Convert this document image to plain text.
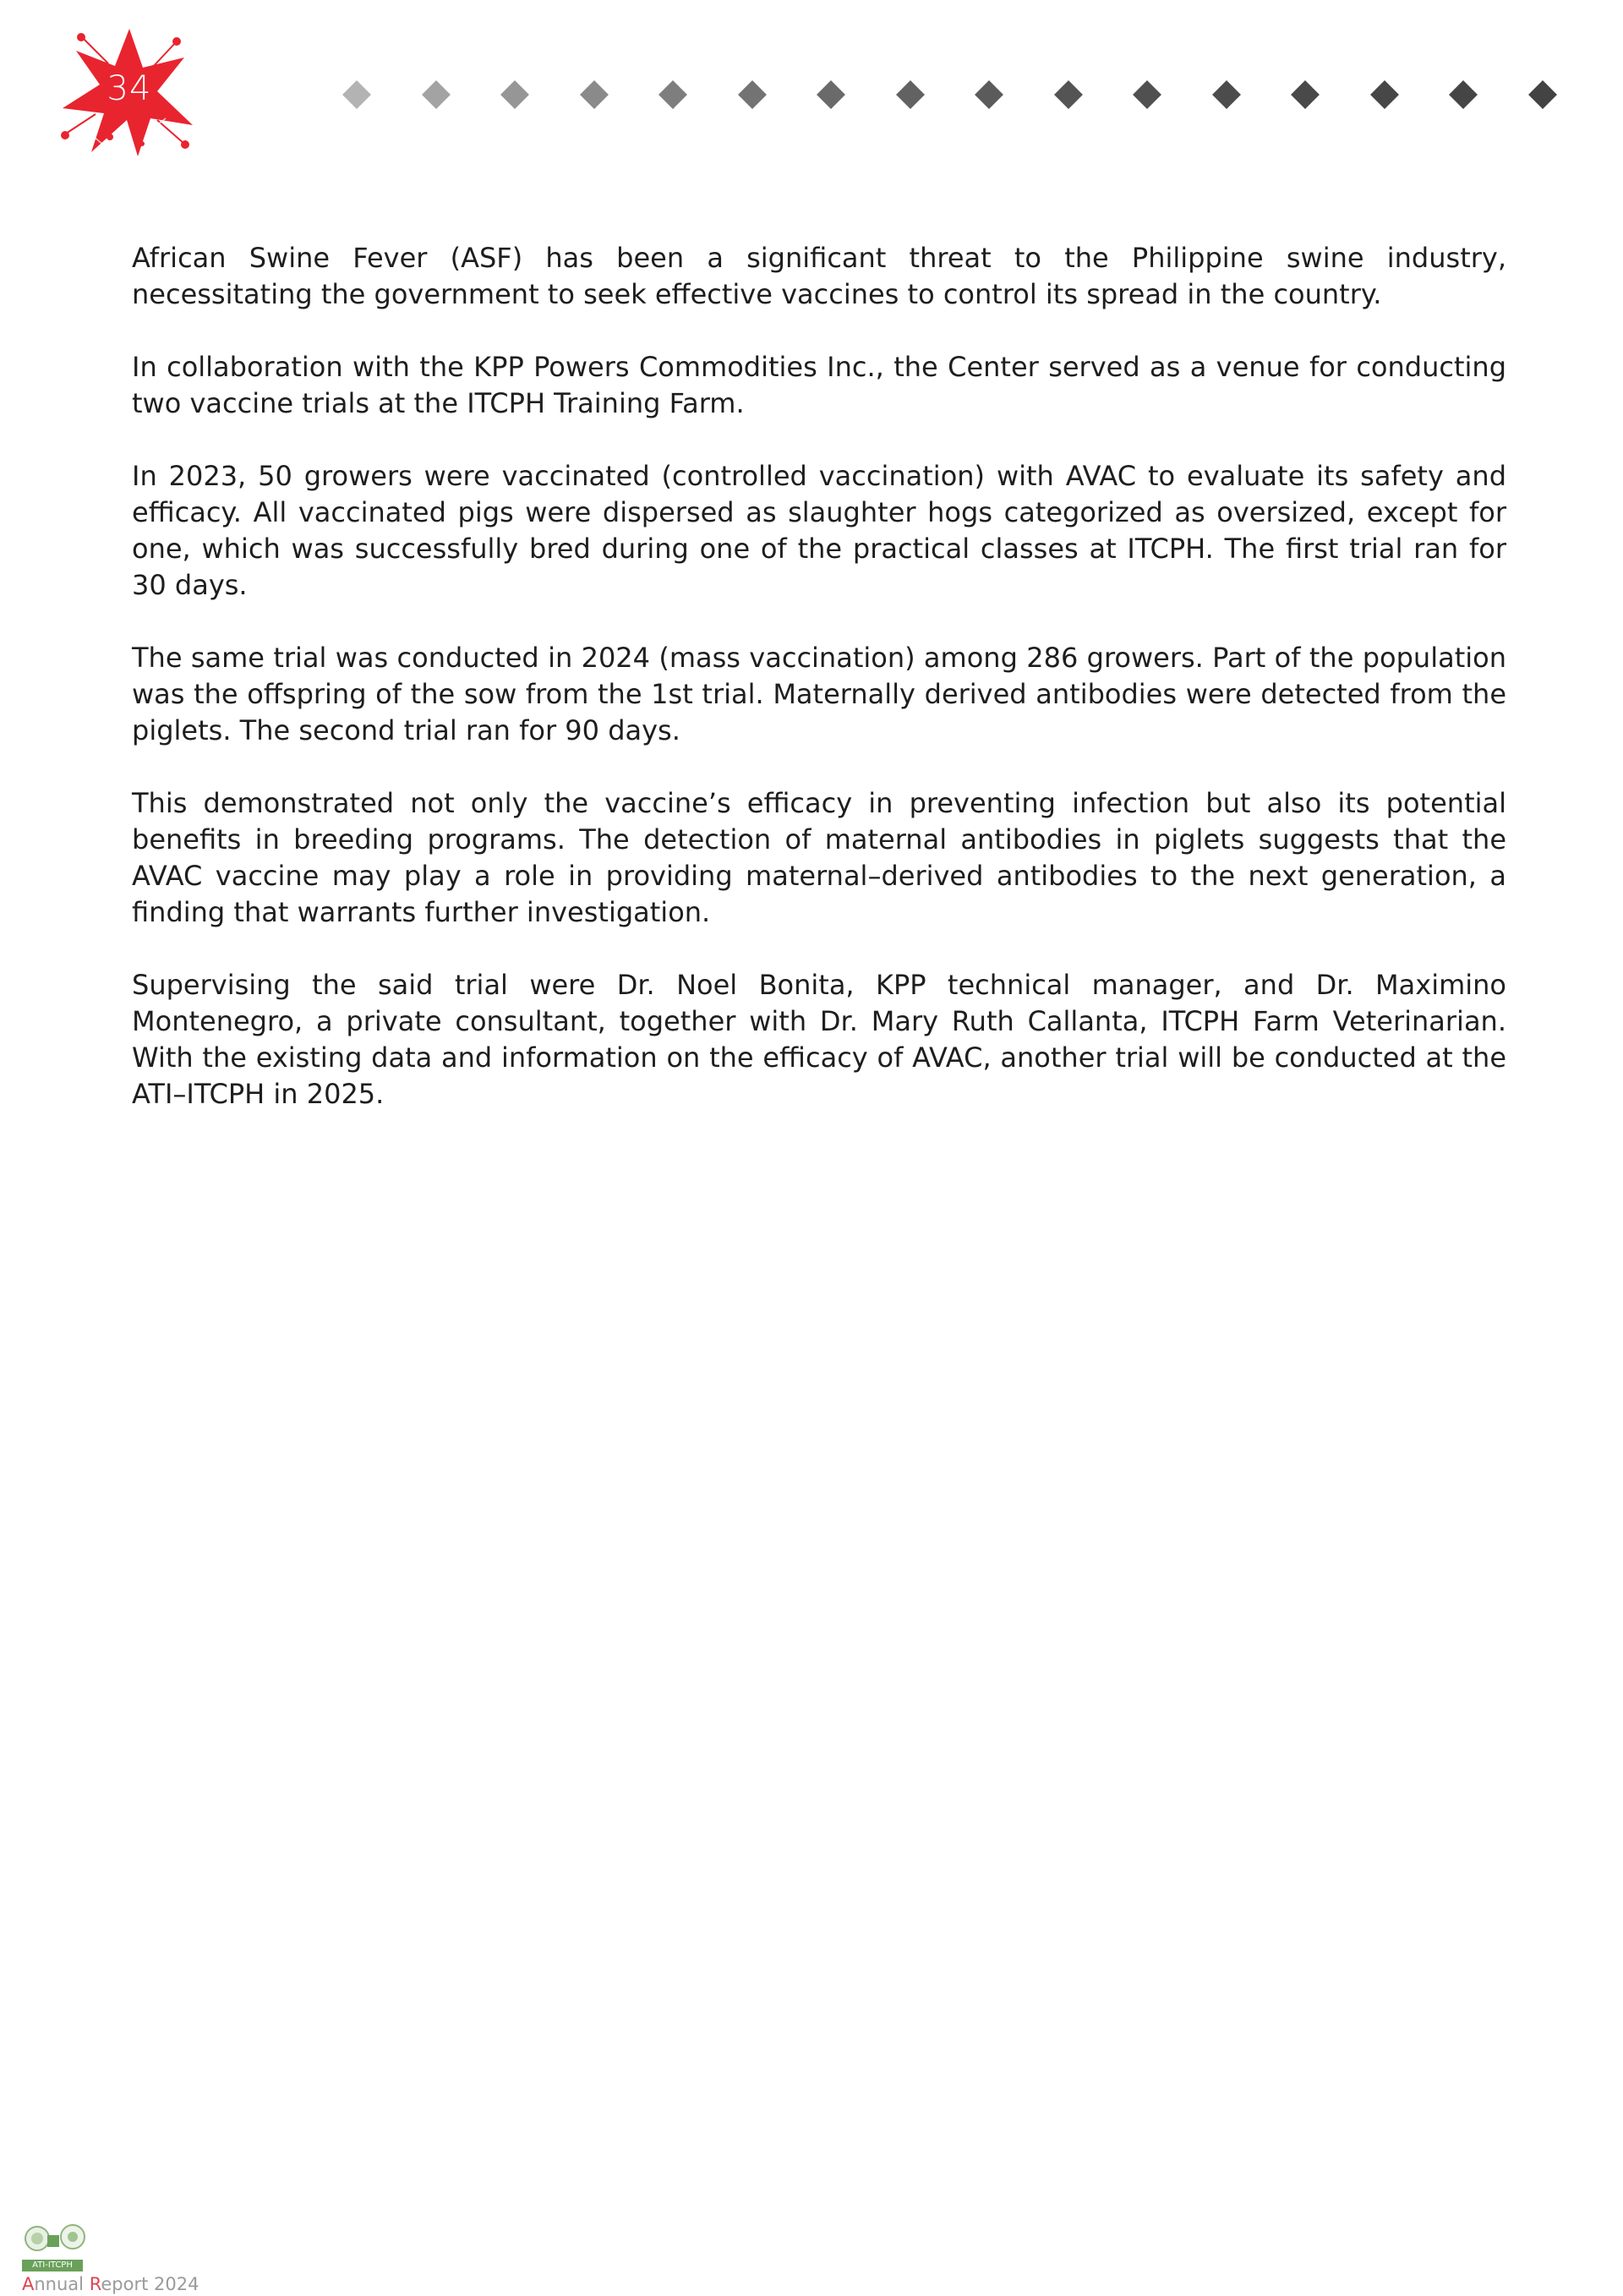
34

African Swine Fever (ASF) has been a significant threat to the Philippine swine industry, necessitating the government to seek effective vaccines to control its spread in the country.

In collaboration with the KPP Powers Commodities Inc., the Center served as a venue for conducting two vaccine trials at the ITCPH Training Farm.

In 2023, 50 growers were vaccinated (controlled vaccination) with AVAC to evaluate its safety and efficacy. All vaccinated pigs were dispersed as slaughter hogs categorized as oversized, except for one, which was successfully bred during one of the practical classes at ITCPH. The first trial ran for 30 days.

The same trial was conducted in 2024 (mass vaccination) among 286 growers. Part of the population was the offspring of the sow from the 1st trial. Maternally derived antibodies were detected from the piglets. The second trial ran for 90 days.

This demonstrated not only the vaccine’s efficacy in preventing infection but also its potential benefits in breeding programs. The detection of maternal antibodies in piglets suggests that the AVAC vaccine may play a role in providing maternal–derived antibodies to the next generation, a finding that warrants further investigation.

Supervising the said trial were Dr. Noel Bonita, KPP technical manager, and Dr. Maximino Montenegro, a private consultant, together with Dr. Mary Ruth Callanta, ITCPH Farm Veterinarian. With the existing data and information on the efficacy of AVAC, another trial will be conducted at the ATI–ITCPH in 2025.

ATI-ITCPH
Annual Report 2024
